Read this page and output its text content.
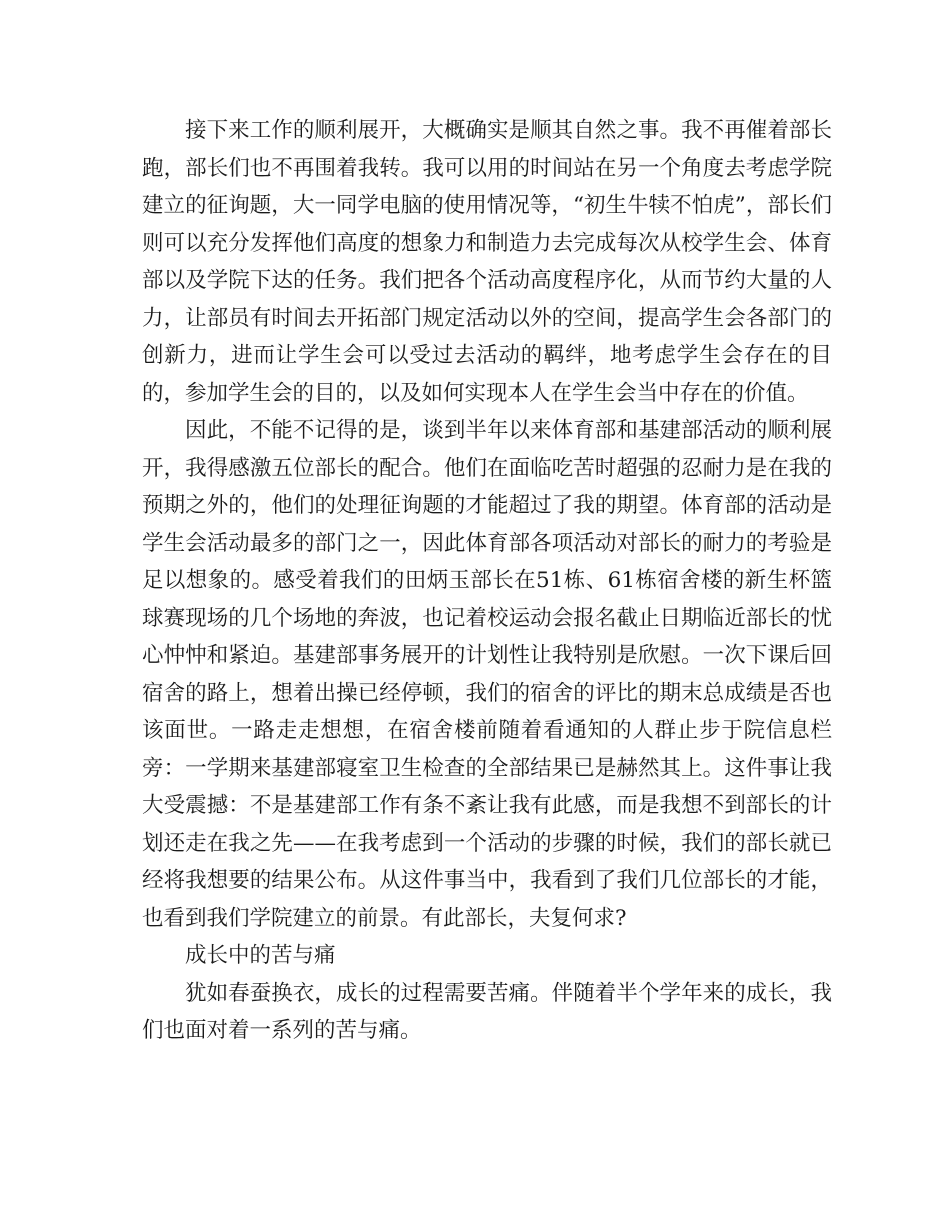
接下来工作的顺利展开，大概确实是顺其自然之事。我不再催着部长跑，部长们也不再围着我转。我可以用的时间站在另一个角度去考虑学院建立的征询题，大一同学电脑的使用情况等，“初生牛犊不怕虎”，部长们则可以充分发挥他们高度的想象力和制造力去完成每次从校学生会、体育部以及学院下达的任务。我们把各个活动高度程序化，从而节约大量的人力，让部员有时间去开拓部门规定活动以外的空间，提高学生会各部门的创新力，进而让学生会可以受过去活动的羁绊，地考虑学生会存在的目的，参加学生会的目的，以及如何实现本人在学生会当中存在的价值。

因此，不能不记得的是，谈到半年以来体育部和基建部活动的顺利展开，我得感激五位部长的配合。他们在面临吃苦时超强的忍耐力是在我的预期之外的，他们的处理征询题的才能超过了我的期望。体育部的活动是学生会活动最多的部门之一，因此体育部各项活动对部长的耐力的考验是足以想象的。感受着我们的田炳玉部长在51栋、61栋宿舍楼的新生杯篮球赛现场的几个场地的奔波，也记着校运动会报名截止日期临近部长的忧心忡忡和紧迫。基建部事务展开的计划性让我特别是欣慰。一次下课后回宿舍的路上，想着出操已经停顿，我们的宿舍的评比的期末总成绩是否也该面世。一路走走想想，在宿舍楼前随着看通知的人群止步于院信息栏旁：一学期来基建部寝室卫生检查的全部结果已是赫然其上。这件事让我大受震撼：不是基建部工作有条不紊让我有此感，而是我想不到部长的计划还走在我之先——在我考虑到一个活动的步骤的时候，我们的部长就已经将我想要的结果公布。从这件事当中，我看到了我们几位部长的才能，也看到我们学院建立的前景。有此部长，夫复何求?

成长中的苦与痛

犹如春蚕换衣，成长的过程需要苦痛。伴随着半个学年来的成长，我们也面对着一系列的苦与痛。
